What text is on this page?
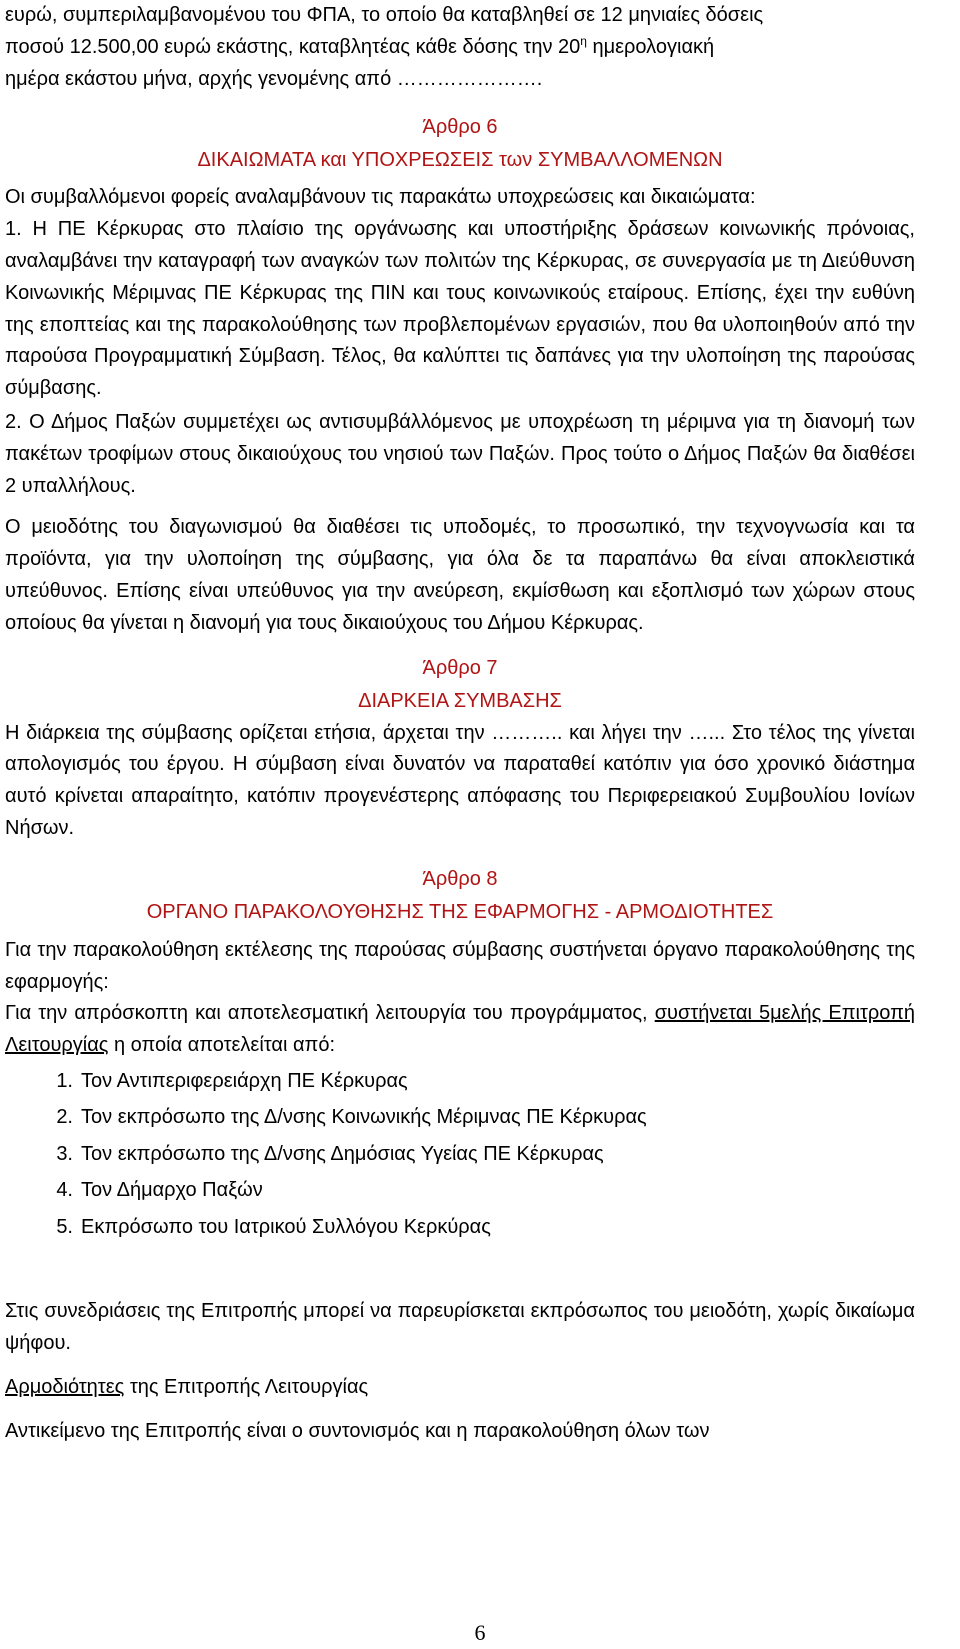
ευρώ, συμπεριλαμβανομένου του ΦΠΑ, το οποίο θα καταβληθεί σε 12 μηνιαίες δόσεις

ποσού 12.500,00 ευρώ εκάστης, καταβλητέας κάθε δόσης την $20^\eta$ ημερολογιακή

ημέρα εκάστου μήνα, αρχής γενομένης από ………………….

Άρθρο 6

ΔΙΚΑΙΩΜΑΤΑ και ΥΠΟΧΡΕΩΣΕΙΣ των ΣΥΜΒΑΛΛΟΜΕΝΩΝ

Οι συμβαλλόμενοι φορείς αναλαμβάνουν τις παρακάτω υποχρεώσεις και δικαιώματα:

1. Η ΠΕ Κέρκυρας στο πλαίσιο της οργάνωσης και υποστήριξης δράσεων κοινωνικής πρόνοιας, αναλαμβάνει την καταγραφή των αναγκών των πολιτών της Κέρκυρας, σε συνεργασία με τη Διεύθυνση Κοινωνικής Μέριμνας ΠΕ Κέρκυρας της ΠΙΝ και τους κοινωνικούς εταίρους. Επίσης, έχει την ευθύνη της εποπτείας και της παρακολούθησης των προβλεπομένων εργασιών, που θα υλοποιηθούν από την παρούσα Προγραμματική Σύμβαση. Τέλος, θα καλύπτει τις δαπάνες για την υλοποίηση της παρούσας σύμβασης.

2. Ο Δήμος Παξών συμμετέχει ως αντισυμβάλλόμενος με υποχρέωση τη μέριμνα για τη διανομή των πακέτων τροφίμων στους δικαιούχους του νησιού των Παξών. Προς τούτο ο Δήμος Παξών θα διαθέσει 2 υπαλλήλους.

Ο μειοδότης του διαγωνισμού θα διαθέσει τις υποδομές, το προσωπικό, την τεχνογνωσία και τα προϊόντα, για την υλοποίηση της σύμβασης, για όλα δε τα παραπάνω θα είναι αποκλειστικά υπεύθυνος. Επίσης είναι υπεύθυνος για την ανεύρεση, εκμίσθωση και εξοπλισμό των χώρων στους οποίους θα γίνεται η διανομή για τους δικαιούχους του Δήμου Κέρκυρας.

Άρθρο 7

ΔΙΑΡΚΕΙΑ ΣΥΜΒΑΣΗΣ

Η διάρκεια της σύμβασης ορίζεται ετήσια, άρχεται την ……….. και λήγει την …... Στο τέλος της γίνεται απολογισμός του έργου. Η σύμβαση είναι δυνατόν να παραταθεί κατόπιν για όσο χρονικό διάστημα αυτό κρίνεται απαραίτητο, κατόπιν προγενέστερης απόφασης του Περιφερειακού Συμβουλίου Ιονίων Νήσων.

Άρθρο 8

ΟΡΓΑΝΟ ΠΑΡΑΚΟΛΟΥΘΗΣΗΣ ΤΗΣ ΕΦΑΡΜΟΓΗΣ - ΑΡΜΟΔΙΟΤΗΤΕΣ

Για την παρακολούθηση εκτέλεσης της παρούσας σύμβασης συστήνεται όργανο παρακολούθησης της εφαρμογής:

Για την απρόσκοπτη και αποτελεσματική λειτουργία του προγράμματος, συστήνεται 5μελής Επιτροπή Λειτουργίας η οποία αποτελείται από:

1. Τον Αντιπεριφερειάρχη ΠΕ Κέρκυρας
2. Τον εκπρόσωπο της Δ/νσης Κοινωνικής Μέριμνας ΠΕ Κέρκυρας
3. Τον εκπρόσωπο της Δ/νσης Δημόσιας Υγείας ΠΕ Κέρκυρας
4. Τον Δήμαρχο Παξών
5. Εκπρόσωπο του Ιατρικού Συλλόγου Κερκύρας

Στις συνεδριάσεις της Επιτροπής μπορεί να παρευρίσκεται εκπρόσωπος του μειοδότη, χωρίς δικαίωμα ψήφου.

Αρμοδιότητες της Επιτροπής Λειτουργίας

Αντικείμενο της Επιτροπής είναι ο συντονισμός και η παρακολούθηση όλων των

6
